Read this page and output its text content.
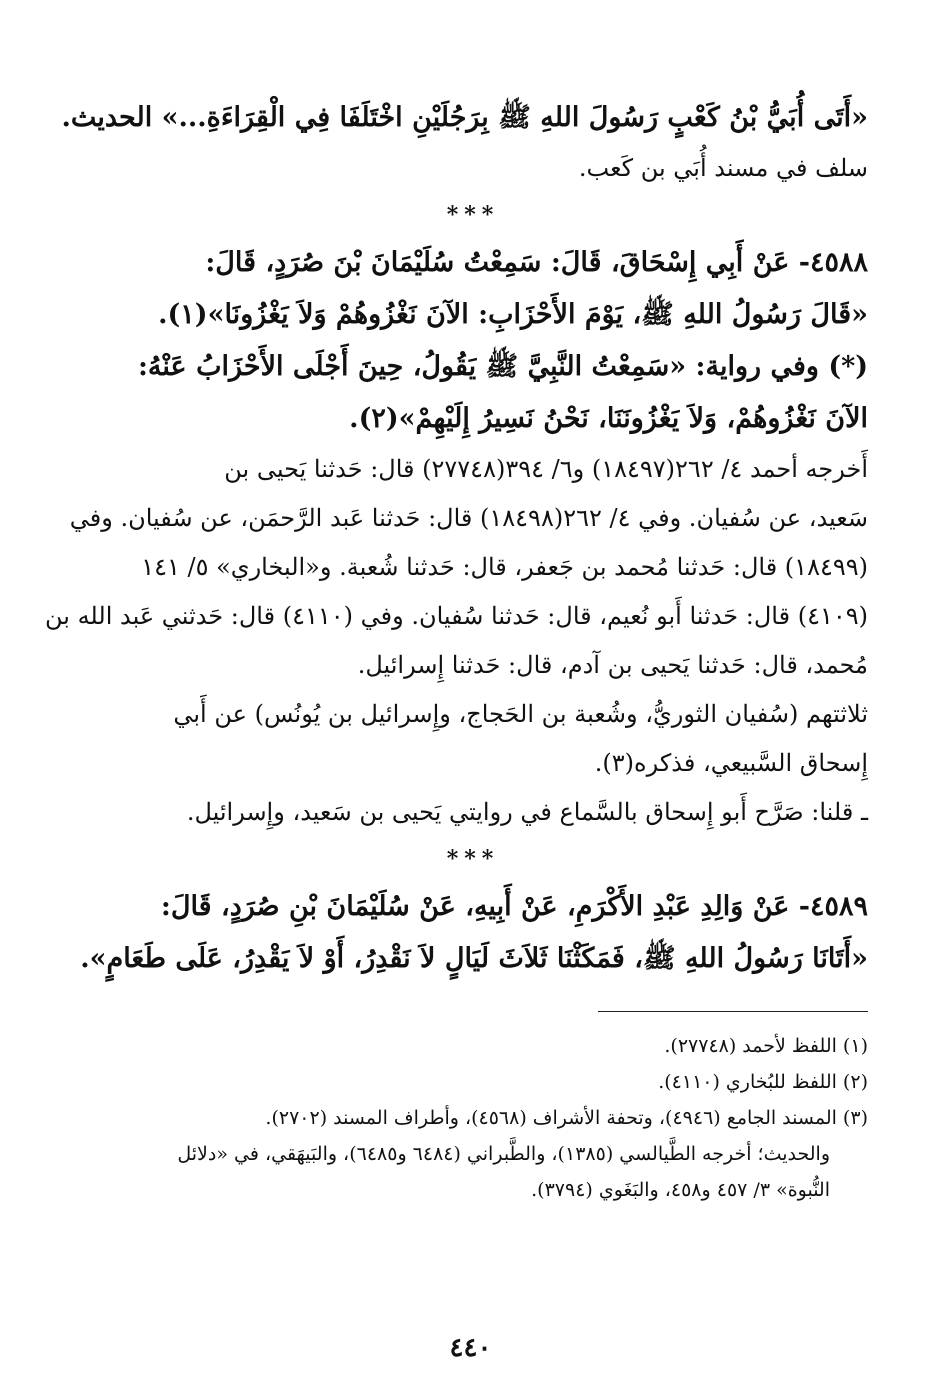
«أَتَى أُبَيُّ بْنُ كَعْبٍ رَسُولَ اللهِ ﷺ بِرَجُلَيْنِ اخْتَلَفَا فِي الْقِرَاءَةِ...» الحديث.

سلف في مسند أُبَي بن كَعب.

***

٤٥٨٨- عَنْ أَبِي إِسْحَاقَ، قَالَ: سَمِعْتُ سُلَيْمَانَ بْنَ صُرَدٍ، قَالَ:

«قَالَ رَسُولُ اللهِ ﷺ، يَوْمَ الأَحْزَابِ: الآنَ نَغْزُوهُمْ وَلاَ يَغْزُونَا»(١).

(*) وفي رواية: «سَمِعْتُ النَّبِيَّ ﷺ يَقُولُ، حِينَ أَجْلَى الأَحْزَابُ عَنْهُ:

الآنَ نَغْزُوهُمْ، وَلاَ يَغْزُونَنَا، نَحْنُ نَسِيرُ إِلَيْهِمْ»(٢).

أَخرجه أحمد ٤/ ٢٦٢(١٨٤٩٧) و٦/ ٣٩٤(٢٧٧٤٨) قال: حَدثنا يَحيى بن

سَعيد، عن سُفيان. وفي ٤/ ٢٦٢(١٨٤٩٨) قال: حَدثنا عَبد الرَّحمَن، عن سُفيان. وفي

(١٨٤٩٩) قال: حَدثنا مُحمد بن جَعفر، قال: حَدثنا شُعبة. و«البخاري» ٥/ ١٤١

(٤١٠٩) قال: حَدثنا أَبو نُعيم، قال: حَدثنا سُفيان. وفي (٤١١٠) قال: حَدثني عَبد الله بن

مُحمد، قال: حَدثنا يَحيى بن آدم، قال: حَدثنا إِسرائيل.

ثلاثتهم (سُفيان الثوريُّ، وشُعبة بن الحَجاج، وإِسرائيل بن يُونُس) عن أَبي

إِسحاق السَّبيعي، فذكره(٣).

ـ قلنا: صَرَّح أَبو إِسحاق بالسَّماع في روايتي يَحيى بن سَعيد، وإِسرائيل.

***

٤٥٨٩- عَنْ وَالِدِ عَبْدِ الأَكْرَمِ، عَنْ أَبِيهِ، عَنْ سُلَيْمَانَ بْنِ صُرَدٍ، قَالَ:

«أَتَانَا رَسُولُ اللهِ ﷺ، فَمَكَثْنَا ثَلاَثَ لَيَالٍ لاَ نَقْدِرُ، أَوْ لاَ يَقْدِرُ، عَلَى طَعَامٍ».

(١) اللفظ لأحمد (٢٧٧٤٨).
(٢) اللفظ للبُخاري (٤١١٠).
(٣) المسند الجامع (٤٩٤٦)، وتحفة الأشراف (٤٥٦٨)، وأطراف المسند (٢٧٠٢).
والحديث؛ أخرجه الطَّيالسي (١٣٨٥)، والطَّبراني (٦٤٨٤ و٦٤٨٥)، والبَيهَقي، في «دلائل
النُّبوة» ٣/ ٤٥٧ و٤٥٨، والبَغَوي (٣٧٩٤).
٤٤٠
